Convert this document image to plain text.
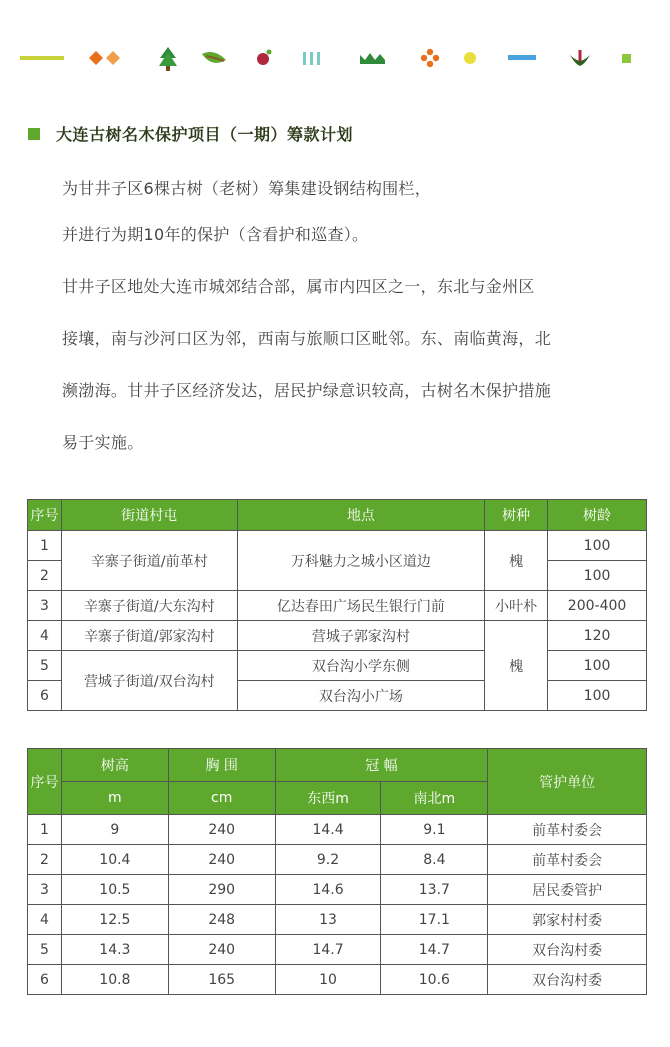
大连古树名木保护项目（一期）筹款计划
为甘井子区6棵古树（老树）筹集建设钢结构围栏，
并进行为期10年的保护（含看护和巡查）。
甘井子区地处大连市城郊结合部，属市内四区之一，东北与金州区
接壤，南与沙河口区为邻，西南与旅顺口区毗邻。东、南临黄海，北
濒渤海。甘井子区经济发达，居民护绿意识较高，古树名木保护措施
易于实施。
序号	街道村屯	地点	树种	树龄
1	辛寨子街道/前革村	万科魅力之城小区道边	槐	100
2				100
3	辛寨子街道/大东沟村	亿达春田广场民生银行门前	小叶朴	200-400
4	辛寨子街道/郭家沟村	营城子郭家沟村	槐	120
5	营城子街道/双台沟村	双台沟小学东侧		100
6		双台沟小广场		100
序号	树高	胸 围	冠 幅		管护单位
	m	cm	东西m	南北m	
1	9	240	14.4	9.1	前革村委会
2	10.4	240	9.2	8.4	前革村委会
3	10.5	290	14.6	13.7	居民委管护
4	12.5	248	13	17.1	郭家村村委
5	14.3	240	14.7	14.7	双台沟村委
6	10.8	165	10	10.6	双台沟村委
